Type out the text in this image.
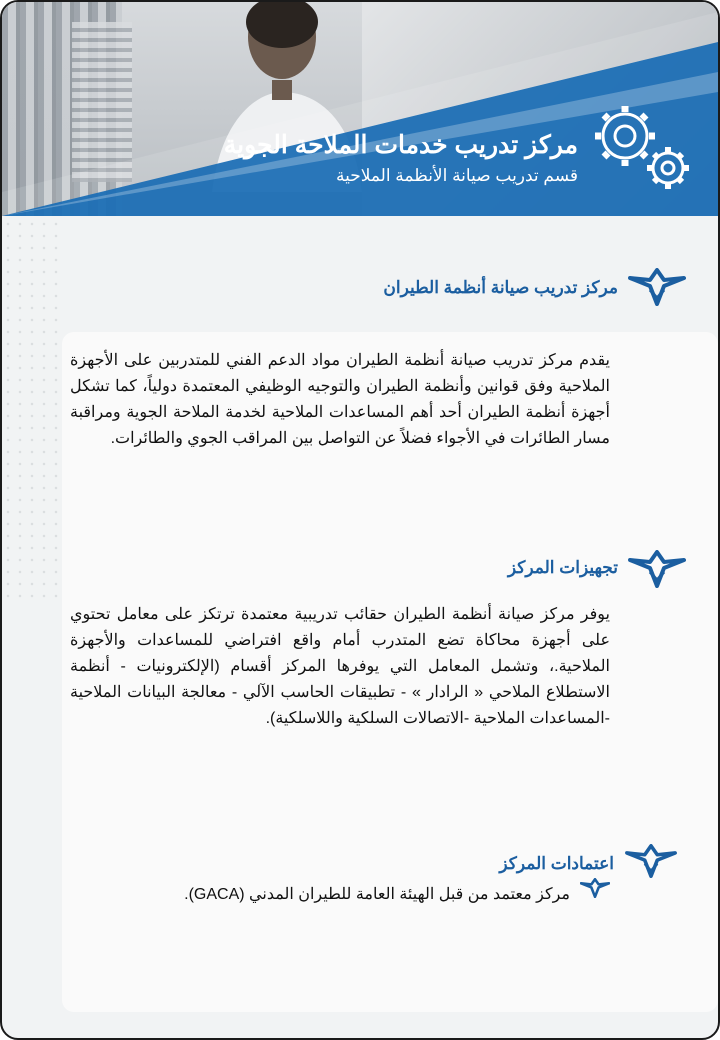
مركز تدريب خدمات الملاحة الجوية
قسم تدريب صيانة الأنظمة الملاحية
مركز تدريب صيانة أنظمة الطيران
يقدم مركز تدريب صيانة أنظمة الطيران مواد الدعم الفني للمتدربين على الأجهزة الملاحية وفق قوانين وأنظمة الطيران والتوجيه الوظيفي المعتمدة دولياً، كما تشكل أجهزة أنظمة الطيران أحد أهم المساعدات الملاحية لخدمة الملاحة الجوية ومراقبة مسار الطائرات في الأجواء فضلاً عن التواصل بين المراقب الجوي والطائرات.
تجهيزات المركز
يوفر مركز صيانة أنظمة الطيران حقائب تدريبية معتمدة ترتكز على معامل تحتوي على أجهزة محاكاة تضع المتدرب أمام واقع افتراضي للمساعدات والأجهزة الملاحية.، وتشمل المعامل التي يوفرها المركز أقسام (الإلكترونيات - أنظمة الاستطلاع الملاحي « الرادار » - تطبيقات الحاسب الآلي - معالجة البيانات الملاحية -المساعدات الملاحية -الاتصالات السلكية واللاسلكية).
اعتمادات المركز
مركز معتمد من قبل الهيئة العامة للطيران المدني (GACA).
